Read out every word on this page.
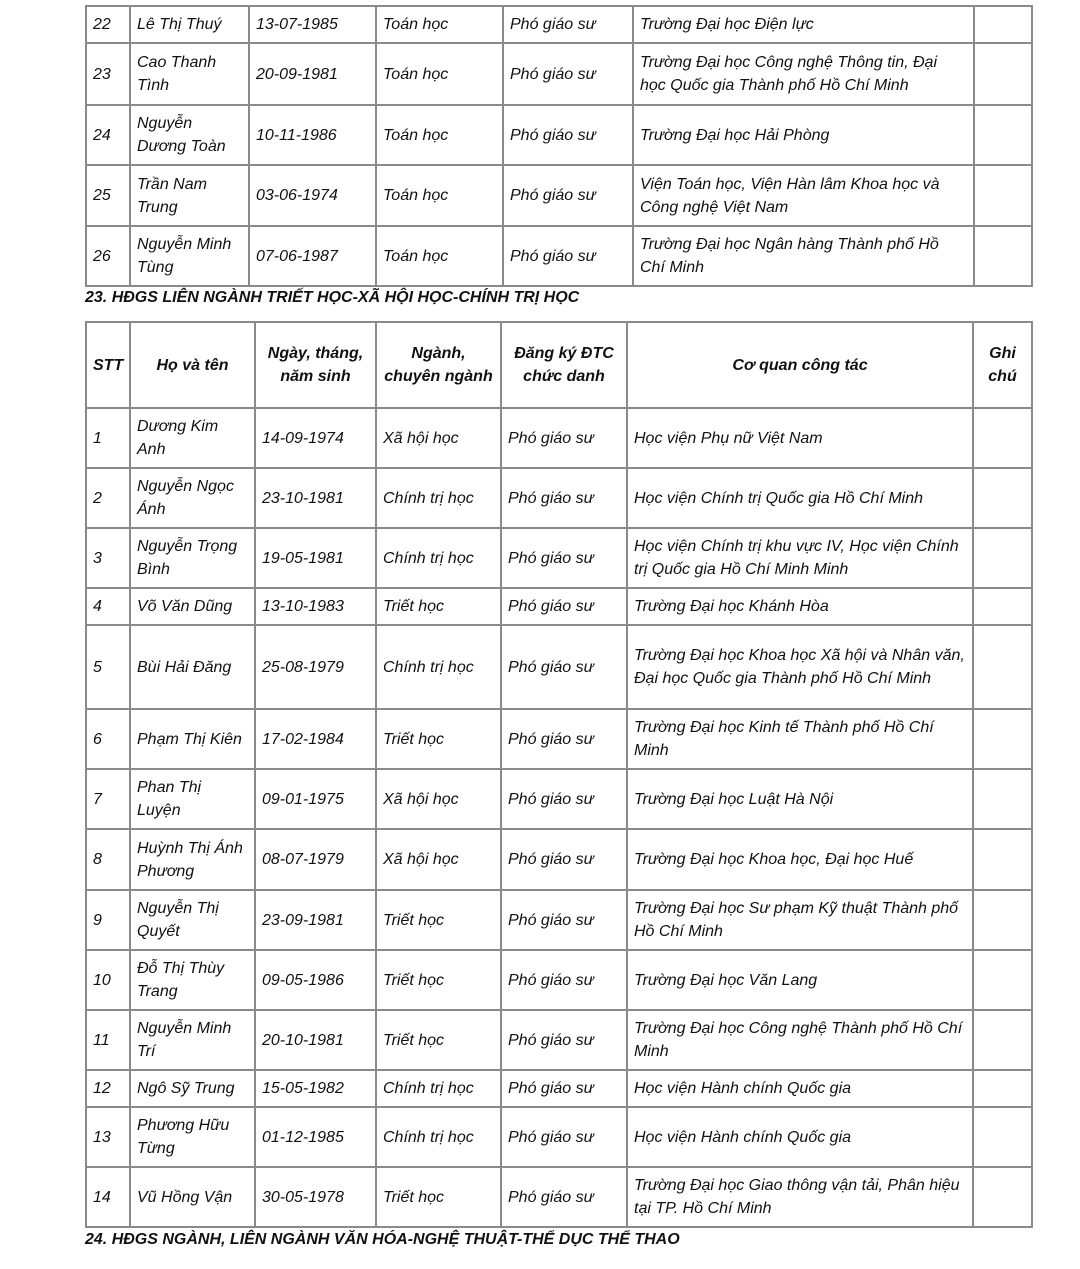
22	Lê Thị Thuý	13-07-1985	Toán học	Phó giáo sư	Trường Đại học Điện lực	
23	Cao Thanh Tình	20-09-1981	Toán học	Phó giáo sư	Trường Đại học Công nghệ Thông tin, Đại học Quốc gia Thành phố Hồ Chí Minh	
24	Nguyễn Dương Toàn	10-11-1986	Toán học	Phó giáo sư	Trường Đại học Hải Phòng	
25	Trần Nam Trung	03-06-1974	Toán học	Phó giáo sư	Viện Toán học, Viện Hàn lâm Khoa học và Công nghệ Việt Nam	
26	Nguyễn Minh Tùng	07-06-1987	Toán học	Phó giáo sư	Trường Đại học Ngân hàng Thành phố Hồ Chí Minh	

23. HĐGS LIÊN NGÀNH TRIẾT HỌC-XÃ HỘI HỌC-CHÍNH TRỊ HỌC

STT	Họ và tên	Ngày, tháng, năm sinh	Ngành, chuyên ngành	Đăng ký ĐTC chức danh	Cơ quan công tác	Ghi chú
1	Dương Kim Anh	14-09-1974	Xã hội học	Phó giáo sư	Học viện Phụ nữ Việt Nam	
2	Nguyễn Ngọc Ánh	23-10-1981	Chính trị học	Phó giáo sư	Học viện Chính trị Quốc gia Hồ Chí Minh	
3	Nguyễn Trọng Bình	19-05-1981	Chính trị học	Phó giáo sư	Học viện Chính trị khu vực IV, Học viện Chính trị Quốc gia Hồ Chí Minh Minh	
4	Võ Văn Dũng	13-10-1983	Triết học	Phó giáo sư	Trường Đại học Khánh Hòa	
5	Bùi Hải Đăng	25-08-1979	Chính trị học	Phó giáo sư	Trường Đại học Khoa học Xã hội và Nhân văn, Đại học Quốc gia Thành phố Hồ Chí Minh	
6	Phạm Thị Kiên	17-02-1984	Triết học	Phó giáo sư	Trường Đại học Kinh tế Thành phố Hồ Chí Minh	
7	Phan Thị Luyện	09-01-1975	Xã hội học	Phó giáo sư	Trường Đại học Luật Hà Nội	
8	Huỳnh Thị Ánh Phương	08-07-1979	Xã hội học	Phó giáo sư	Trường Đại học Khoa học, Đại học Huế	
9	Nguyễn Thị Quyết	23-09-1981	Triết học	Phó giáo sư	Trường Đại học Sư phạm Kỹ thuật Thành phố Hồ Chí Minh	
10	Đỗ Thị Thùy Trang	09-05-1986	Triết học	Phó giáo sư	Trường Đại học Văn Lang	
11	Nguyễn Minh Trí	20-10-1981	Triết học	Phó giáo sư	Trường Đại học Công nghệ Thành phố Hồ Chí Minh	
12	Ngô Sỹ Trung	15-05-1982	Chính trị học	Phó giáo sư	Học viện Hành chính Quốc gia	
13	Phương Hữu Từng	01-12-1985	Chính trị học	Phó giáo sư	Học viện Hành chính Quốc gia	
14	Vũ Hồng Vận	30-05-1978	Triết học	Phó giáo sư	Trường Đại học Giao thông vận tải, Phân hiệu tại TP. Hồ Chí Minh	

24. HĐGS NGÀNH, LIÊN NGÀNH VĂN HÓA-NGHỆ THUẬT-THỂ DỤC THỂ THAO
